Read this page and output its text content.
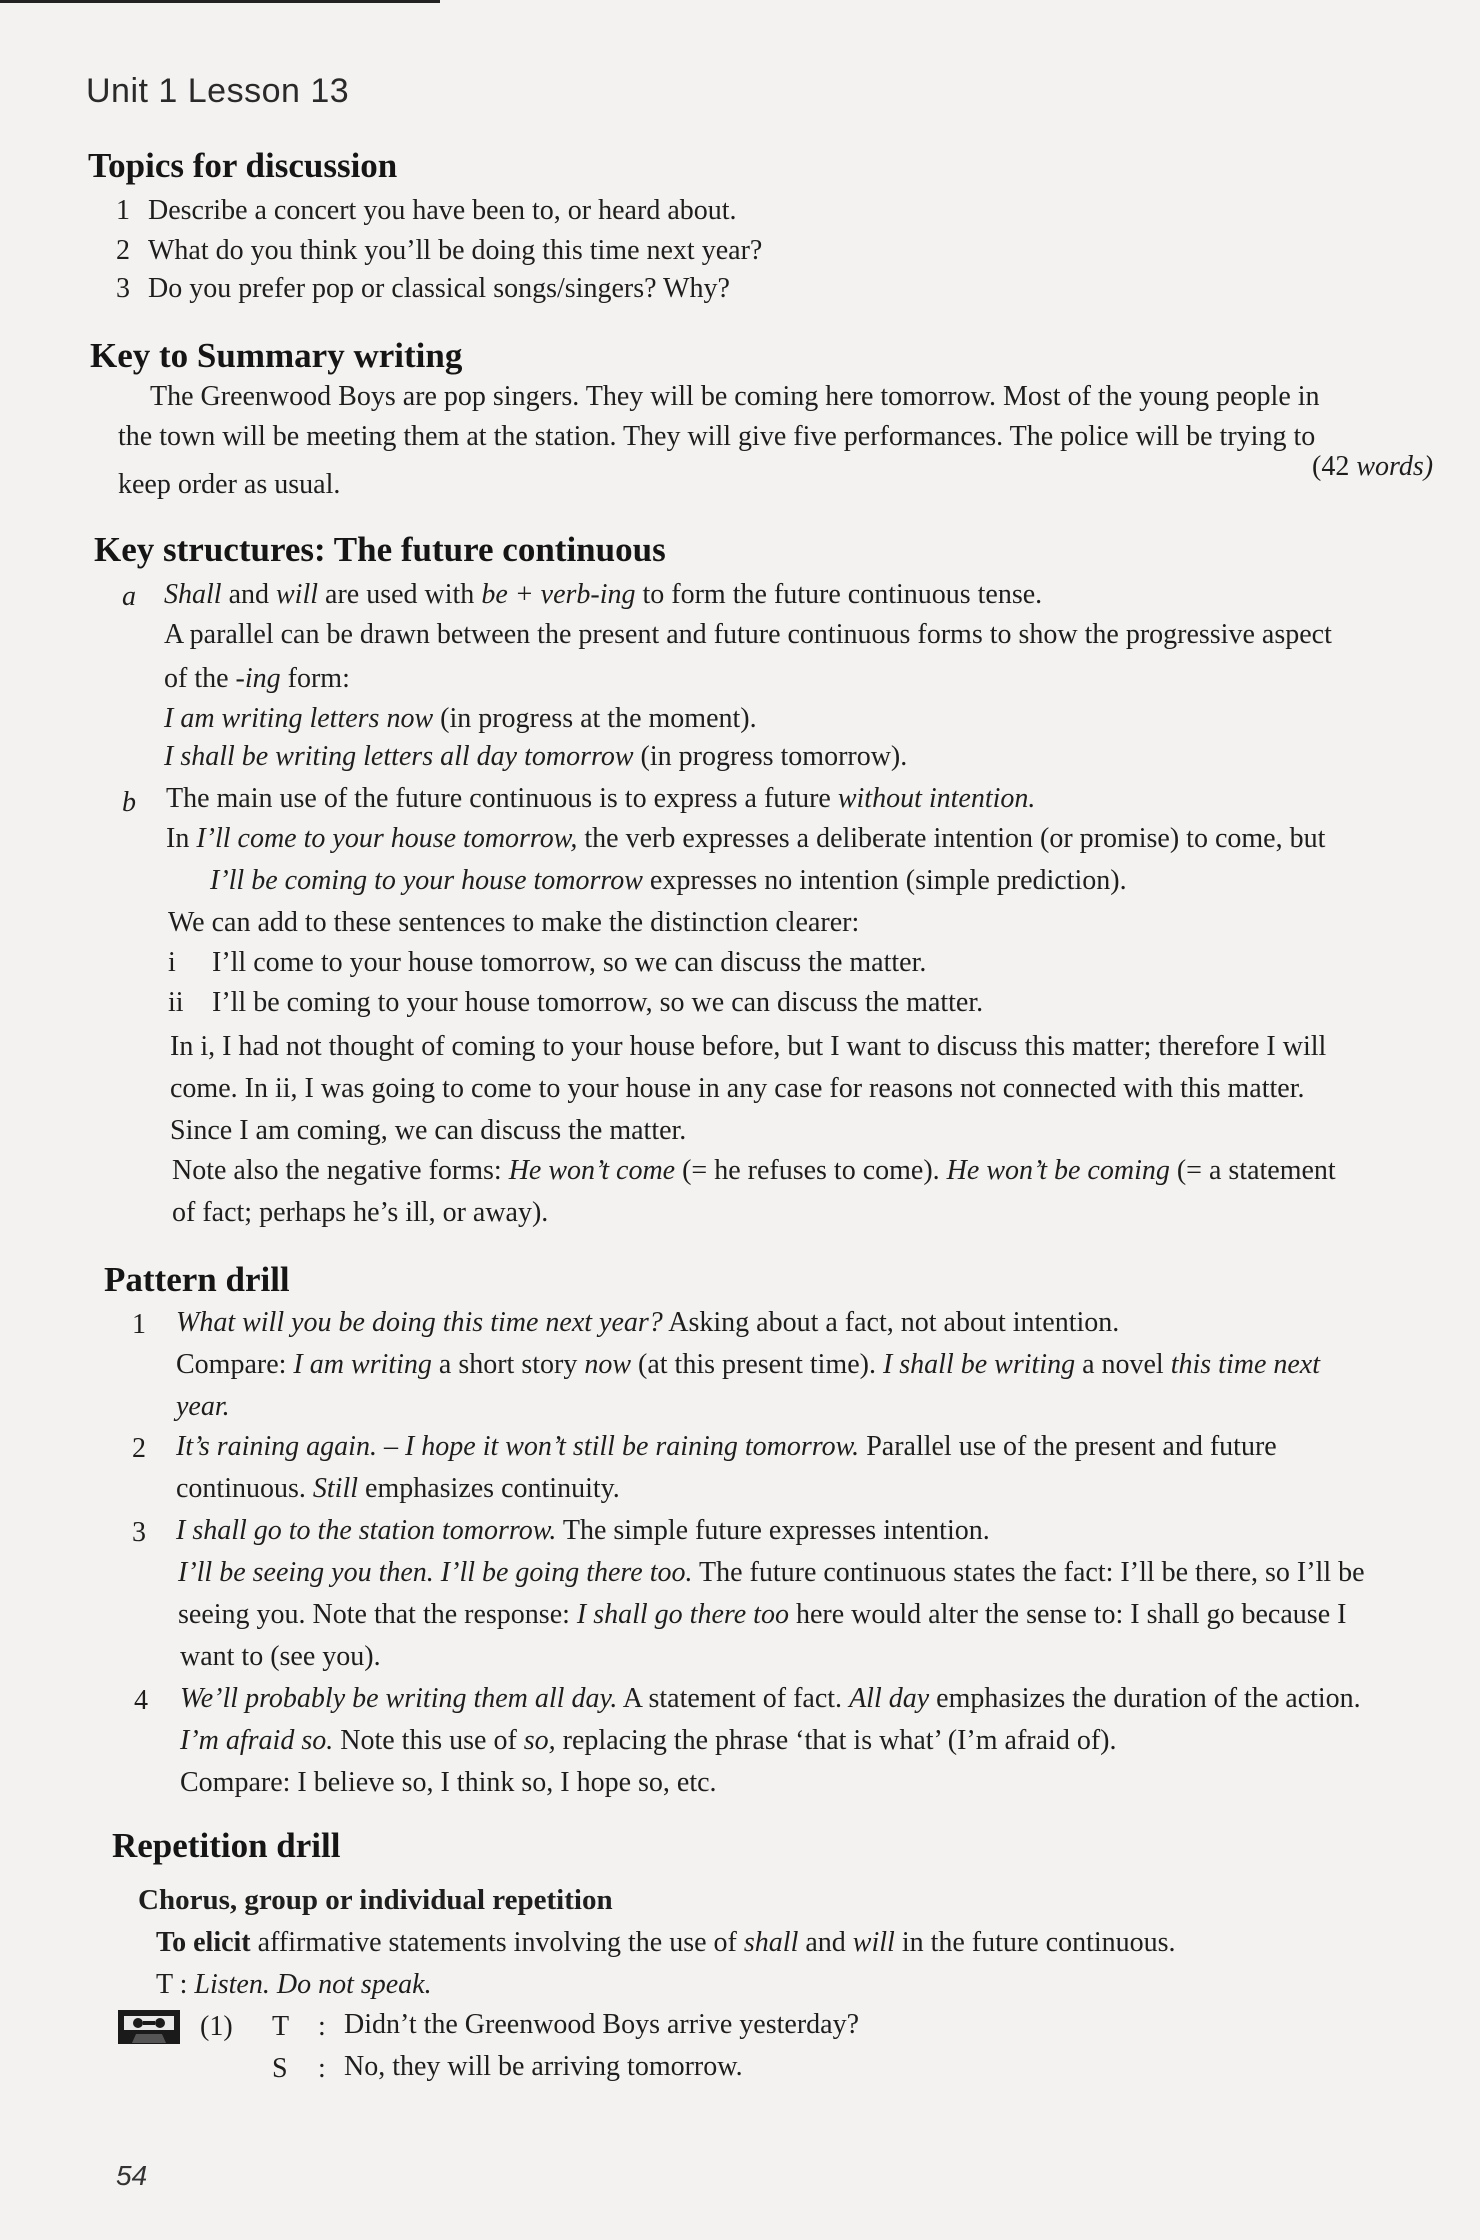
Unit 1 Lesson 13
Topics for discussion
1 Describe a concert you have been to, or heard about.
2 What do you think you’ll be doing this time next year?
3 Do you prefer pop or classical songs/singers? Why?
Key to Summary writing
The Greenwood Boys are pop singers. They will be coming here tomorrow. Most of the young people in
the town will be meeting them at the station. They will give five performances. The police will be trying to
keep order as usual.
(42 words)
Key structures: The future continuous
a Shall and will are used with be + verb-ing to form the future continuous tense.
A parallel can be drawn between the present and future continuous forms to show the progressive aspect
of the -ing form:
I am writing letters now (in progress at the moment).
I shall be writing letters all day tomorrow (in progress tomorrow).
b The main use of the future continuous is to express a future without intention.
In I’ll come to your house tomorrow, the verb expresses a deliberate intention (or promise) to come, but
I’ll be coming to your house tomorrow expresses no intention (simple prediction).
We can add to these sentences to make the distinction clearer:
i I’ll come to your house tomorrow, so we can discuss the matter.
ii I’ll be coming to your house tomorrow, so we can discuss the matter.
In i, I had not thought of coming to your house before, but I want to discuss this matter; therefore I will
come. In ii, I was going to come to your house in any case for reasons not connected with this matter.
Since I am coming, we can discuss the matter.
Note also the negative forms: He won’t come (= he refuses to come). He won’t be coming (= a statement
of fact; perhaps he’s ill, or away).
Pattern drill
1 What will you be doing this time next year? Asking about a fact, not about intention.
Compare: I am writing a short story now (at this present time). I shall be writing a novel this time next
year.
2 It’s raining again. – I hope it won’t still be raining tomorrow. Parallel use of the present and future
continuous. Still emphasizes continuity.
3 I shall go to the station tomorrow. The simple future expresses intention.
I’ll be seeing you then. I’ll be going there too. The future continuous states the fact: I’ll be there, so I’ll be
seeing you. Note that the response: I shall go there too here would alter the sense to: I shall go because I
want to (see you).
4 We’ll probably be writing them all day. A statement of fact. All day emphasizes the duration of the action.
I’m afraid so. Note this use of so, replacing the phrase ‘that is what’ (I’m afraid of).
Compare: I believe so, I think so, I hope so, etc.
Repetition drill
Chorus, group or individual repetition
To elicit affirmative statements involving the use of shall and will in the future continuous.
T : Listen. Do not speak.
(1) T : Didn’t the Greenwood Boys arrive yesterday?
S : No, they will be arriving tomorrow.
54
